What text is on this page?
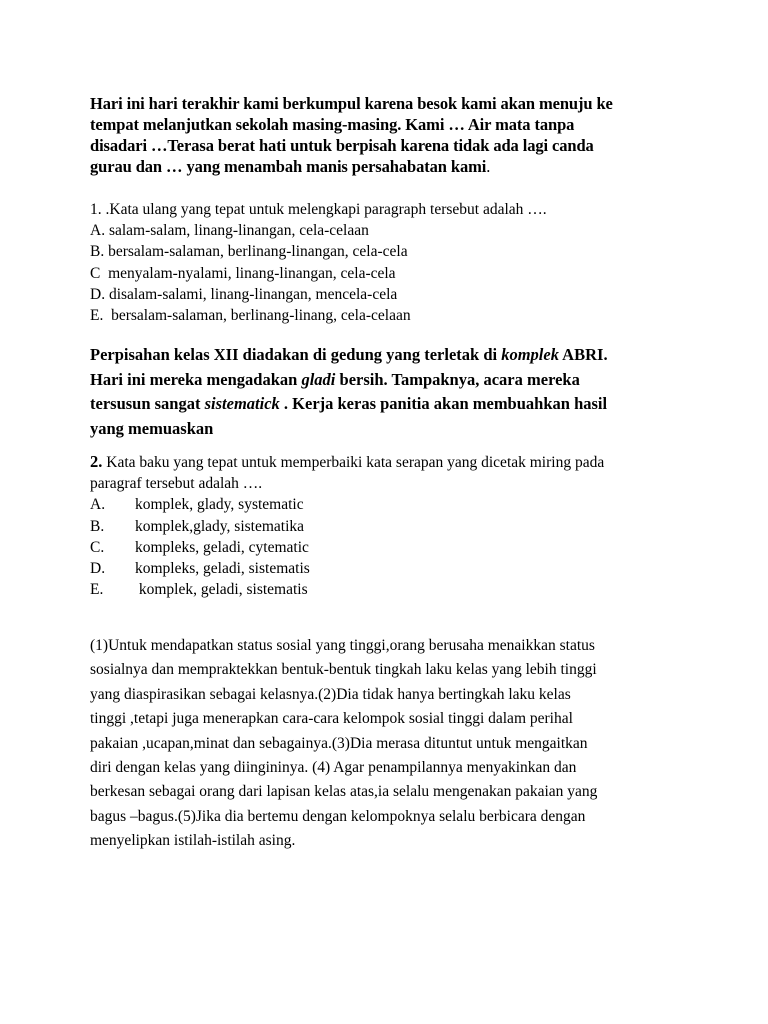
Hari ini hari terakhir kami berkumpul karena besok kami akan menuju ke
tempat melanjutkan sekolah masing-masing. Kami … Air mata tanpa
disadari …Terasa berat hati untuk berpisah karena tidak ada lagi canda
gurau dan … yang menambah manis persahabatan kami.
1. .Kata ulang yang tepat untuk melengkapi paragraph tersebut adalah ….
A. salam-salam, linang-linangan, cela-celaan
B. bersalam-salaman, berlinang-linangan, cela-cela
C  menyalam-nyalami, linang-linangan, cela-cela
D. disalam-salami, linang-linangan, mencela-cela
E.  bersalam-salaman, berlinang-linang, cela-celaan
Perpisahan kelas XII diadakan di gedung yang terletak di komplek ABRI.
Hari ini mereka mengadakan gladi bersih. Tampaknya, acara mereka
tersusun sangat sistematick . Kerja keras panitia akan membuahkan hasil
yang memuaskan
2. Kata baku yang tepat untuk memperbaiki kata serapan yang dicetak miring pada
paragraf tersebut adalah ….
A.	komplek, glady, systematic
B.	komplek,glady, sistematika
C.	kompleks, geladi, cytematic
D.	kompleks, geladi, sistematis
E.	komplek, geladi, sistematis
(1)Untuk mendapatkan status sosial yang tinggi,orang berusaha menaikkan status
sosialnya dan mempraktekkan bentuk-bentuk tingkah laku kelas yang lebih tinggi
yang diaspirasikan sebagai kelasnya.(2)Dia tidak hanya bertingkah laku kelas
tinggi ,tetapi juga menerapkan cara-cara kelompok sosial tinggi dalam perihal
pakaian ,ucapan,minat dan sebagainya.(3)Dia merasa dituntut untuk mengaitkan
diri dengan kelas yang diingininya. (4) Agar penampilannya menyakinkan dan
berkesan sebagai orang dari lapisan kelas atas,ia selalu mengenakan pakaian yang
bagus –bagus.(5)Jika dia bertemu dengan kelompoknya selalu berbicara dengan
menyelipkan istilah-istilah asing.
